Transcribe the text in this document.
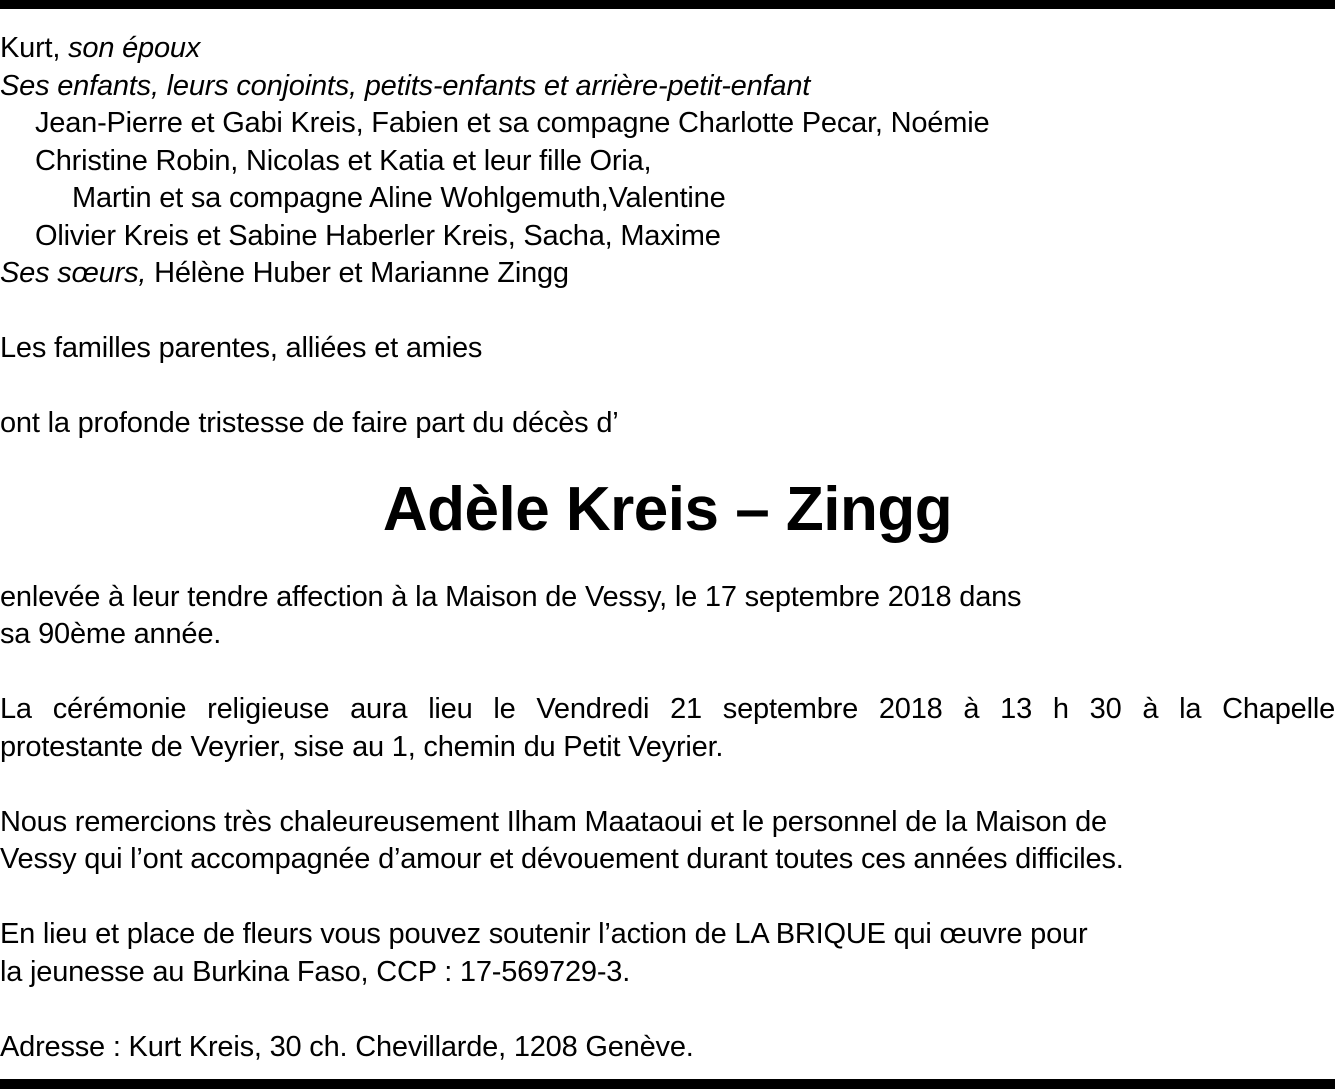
Kurt, son époux
Ses enfants, leurs conjoints, petits-enfants et arrière-petit-enfant
Jean-Pierre et Gabi Kreis, Fabien et sa compagne Charlotte Pecar, Noémie
Christine Robin, Nicolas et Katia et leur fille Oria,
Martin et sa compagne Aline Wohlgemuth,Valentine
Olivier Kreis et Sabine Haberler Kreis, Sacha, Maxime
Ses sœurs, Hélène Huber et Marianne Zingg
Les familles parentes, alliées et amies
ont la profonde tristesse de faire part du décès d’
Adèle Kreis – Zingg
enlevée à leur tendre affection à la Maison de Vessy, le 17 septembre 2018 dans
sa 90ème année.
La cérémonie religieuse aura lieu le Vendredi 21 septembre 2018 à 13 h 30 à la Chapelle
protestante de Veyrier, sise au 1, chemin du Petit Veyrier.
Nous remercions très chaleureusement Ilham Maataoui et le personnel de la Maison de
Vessy qui l’ont accompagnée d’amour et dévouement durant toutes ces années difficiles.
En lieu et place de fleurs vous pouvez soutenir l’action de LA BRIQUE qui œuvre pour
la jeunesse au Burkina Faso, CCP : 17-569729-3.
Adresse : Kurt Kreis, 30 ch. Chevillarde, 1208 Genève.
